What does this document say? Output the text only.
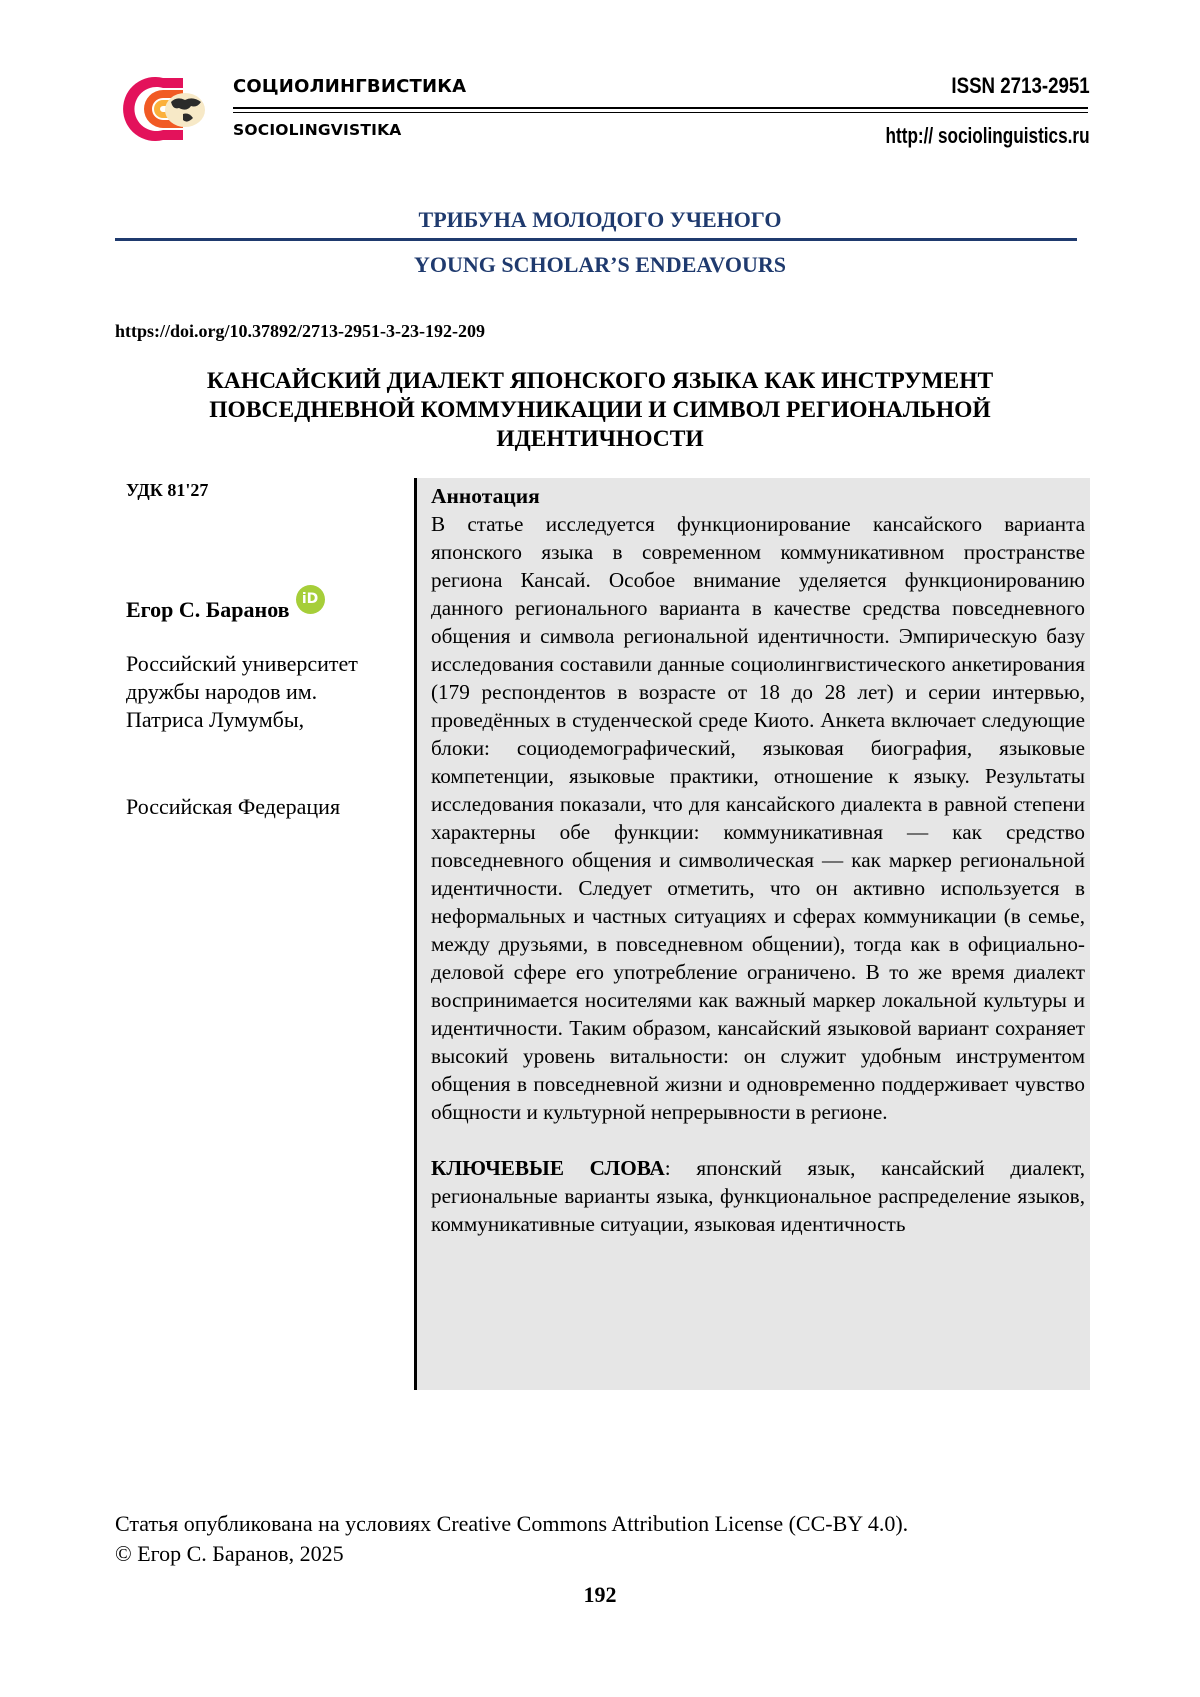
СОЦИОЛИНГВИСТИКА
SOCIOLINGVISTIKA
ISSN 2713-2951
http:// sociolinguistics.ru
ТРИБУНА МОЛОДОГО УЧЕНОГО
YOUNG SCHOLAR’S ENDEAVOURS
https://doi.org/10.37892/2713-2951-3-23-192-209
КАНСАЙСКИЙ ДИАЛЕКТ ЯПОНСКОГО ЯЗЫКА КАК ИНСТРУМЕНТ
ПОВСЕДНЕВНОЙ КОММУНИКАЦИИ И СИМВОЛ РЕГИОНАЛЬНОЙ
ИДЕНТИЧНОСТИ
УДК 81'27
Егор С. Баранов iD
Российский университет дружбы народов им. Патриса Лумумбы,
Российская Федерация
Аннотация
В статье исследуется функционирование кансайского варианта японского языка в современном коммуникативном пространстве региона Кансай. Особое внимание уделяется функционированию данного регионального варианта в качестве средства повседневного общения и символа региональной идентичности. Эмпирическую базу исследования составили данные социолингвистического анкетирования (179 респондентов в возрасте от 18 до 28 лет) и серии интервью, проведённых в студенческой среде Киото. Анкета включает следующие блоки: социодемографический, языковая биография, языковые компетенции, языковые практики, отношение к языку. Результаты исследования показали, что для кансайского диалекта в равной степени характерны обе функции: коммуникативная — как средство повседневного общения и символическая — как маркер региональной идентичности. Следует отметить, что он активно используется в неформальных и частных ситуациях и сферах коммуникации (в семье, между друзьями, в повседневном общении), тогда как в официально-деловой сфере его употребление ограничено. В то же время диалект воспринимается носителями как важный маркер локальной культуры и идентичности. Таким образом, кансайский языковой вариант сохраняет высокий уровень витальности: он служит удобным инструментом общения в повседневной жизни и одновременно поддерживает чувство общности и культурной непрерывности в регионе.
КЛЮЧЕВЫЕ СЛОВА: японский язык, кансайский диалект, региональные варианты языка, функциональное распределение языков, коммуникативные ситуации, языковая идентичность
Статья опубликована на условиях Creative Commons Attribution License (CC-BY 4.0).
© Егор С. Баранов, 2025
192
